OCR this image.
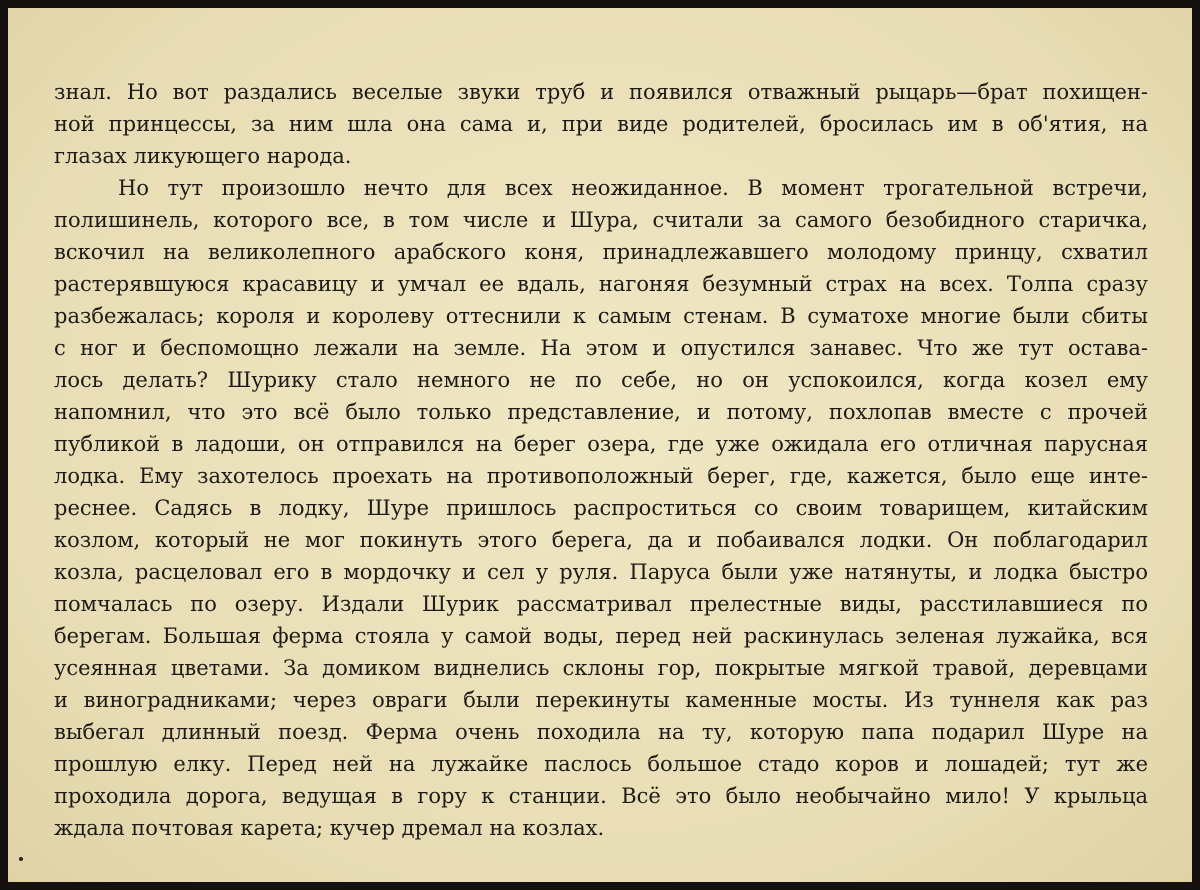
знал. Но вот раздались веселые звуки труб и появился отважный рыцарь—брат похищен-
ной принцессы, за ним шла она сама и, при виде родителей, бросилась им в об'ятия, на
глазах ликующего народа.
Но тут произошло нечто для всех неожиданное. В момент трогательной встречи,
полишинель, которого все, в том числе и Шура, считали за самого безобидного старичка,
вскочил на великолепного арабского коня, принадлежавшего молодому принцу, схватил
растерявшуюся красавицу и умчал ее вдаль, нагоняя безумный страх на всех. Толпа сразу
разбежалась; короля и королеву оттеснили к самым стенам. В суматохе многие были сбиты
с ног и беспомощно лежали на земле. На этом и опустился занавес. Что же тут остава-
лось делать? Шурику стало немного не по себе, но он успокоился, когда козел ему
напомнил, что это всё было только представление, и потому, похлопав вместе с прочей
публикой в ладоши, он отправился на берег озера, где уже ожидала его отличная парусная
лодка. Ему захотелось проехать на противоположный берег, где, кажется, было еще инте-
реснее. Садясь в лодку, Шуре пришлось распроститься со своим товарищем, китайским
козлом, который не мог покинуть этого берега, да и побаивался лодки. Он поблагодарил
козла, расцеловал его в мордочку и сел у руля. Паруса были уже натянуты, и лодка быстро
помчалась по озеру. Издали Шурик рассматривал прелестные виды, расстилавшиеся по
берегам. Большая ферма стояла у самой воды, перед ней раскинулась зеленая лужайка, вся
усеянная цветами. За домиком виднелись склоны гор, покрытые мягкой травой, деревцами
и виноградниками; через овраги были перекинуты каменные мосты. Из туннеля как раз
выбегал длинный поезд. Ферма очень походила на ту, которую папа подарил Шуре на
прошлую елку. Перед ней на лужайке паслось большое стадо коров и лошадей; тут же
проходила дорога, ведущая в гору к станции. Всё это было необычайно мило! У крыльца
ждала почтовая карета; кучер дремал на козлах.
